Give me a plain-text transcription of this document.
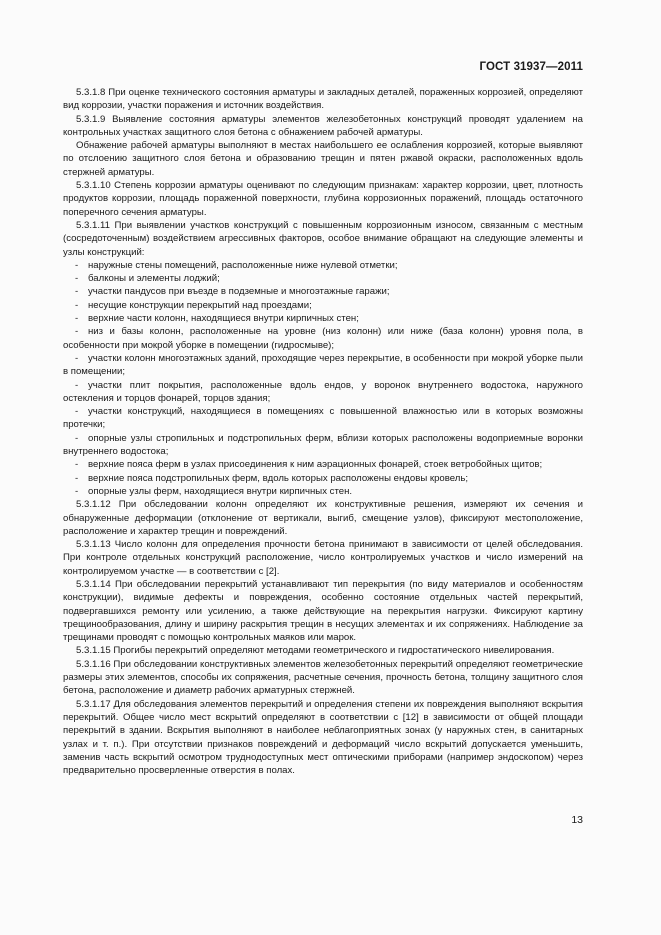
ГОСТ 31937—2011

5.3.1.8 При оценке технического состояния арматуры и закладных деталей, пораженных коррозией, определяют вид коррозии, участки поражения и источник воздействия.

5.3.1.9 Выявление состояния арматуры элементов железобетонных конструкций проводят удалением на контрольных участках защитного слоя бетона с обнажением рабочей арматуры.

Обнажение рабочей арматуры выполняют в местах наибольшего ее ослабления коррозией, которые выявляют по отслоению защитного слоя бетона и образованию трещин и пятен ржавой окраски, расположенных вдоль стержней арматуры.

5.3.1.10 Степень коррозии арматуры оценивают по следующим признакам: характер коррозии, цвет, плотность продуктов коррозии, площадь пораженной поверхности, глубина коррозионных поражений, площадь остаточного поперечного сечения арматуры.

5.3.1.11 При выявлении участков конструкций с повышенным коррозионным износом, связанным с местным (сосредоточенным) воздействием агрессивных факторов, особое внимание обращают на следующие элементы и узлы конструкций:

- наружные стены помещений, расположенные ниже нулевой отметки;

- балконы и элементы лоджий;

- участки пандусов при въезде в подземные и многоэтажные гаражи;

- несущие конструкции перекрытий над проездами;

- верхние части колонн, находящиеся внутри кирпичных стен;

- низ и базы колонн, расположенные на уровне (низ колонн) или ниже (база колонн) уровня пола, в особенности при мокрой уборке в помещении (гидросмыве);

- участки колонн многоэтажных зданий, проходящие через перекрытие, в особенности при мокрой уборке пыли в помещении;

- участки плит покрытия, расположенные вдоль ендов, у воронок внутреннего водостока, наружного остекления и торцов фонарей, торцов здания;

- участки конструкций, находящиеся в помещениях с повышенной влажностью или в которых возможны протечки;

- опорные узлы стропильных и подстропильных ферм, вблизи которых расположены водоприемные воронки внутреннего водостока;

- верхние пояса ферм в узлах присоединения к ним аэрационных фонарей, стоек ветробойных щитов;

- верхние пояса подстропильных ферм, вдоль которых расположены ендовы кровель;

- опорные узлы ферм, находящиеся внутри кирпичных стен.

5.3.1.12 При обследовании колонн определяют их конструктивные решения, измеряют их сечения и обнаруженные деформации (отклонение от вертикали, выгиб, смещение узлов), фиксируют местоположение, расположение и характер трещин и повреждений.

5.3.1.13 Число колонн для определения прочности бетона принимают в зависимости от целей обследования. При контроле отдельных конструкций расположение, число контролируемых участков и число измерений на контролируемом участке — в соответствии с [2].

5.3.1.14 При обследовании перекрытий устанавливают тип перекрытия (по виду материалов и особенностям конструкции), видимые дефекты и повреждения, особенно состояние отдельных частей перекрытий, подвергавшихся ремонту или усилению, а также действующие на перекрытия нагрузки. Фиксируют картину трещинообразования, длину и ширину раскрытия трещин в несущих элементах и их сопряжениях. Наблюдение за трещинами проводят с помощью контрольных маяков или марок.

5.3.1.15 Прогибы перекрытий определяют методами геометрического и гидростатического нивелирования.

5.3.1.16 При обследовании конструктивных элементов железобетонных перекрытий определяют геометрические размеры этих элементов, способы их сопряжения, расчетные сечения, прочность бетона, толщину защитного слоя бетона, расположение и диаметр рабочих арматурных стержней.

5.3.1.17 Для обследования элементов перекрытий и определения степени их повреждения выполняют вскрытия перекрытий. Общее число мест вскрытий определяют в соответствии с [12] в зависимости от общей площади перекрытий в здании. Вскрытия выполняют в наиболее неблагоприятных зонах (у наружных стен, в санитарных узлах и т. п.). При отсутствии признаков повреждений и деформаций число вскрытий допускается уменьшить, заменив часть вскрытий осмотром труднодоступных мест оптическими приборами (например эндоскопом) через предварительно просверленные отверстия в полах.

13
